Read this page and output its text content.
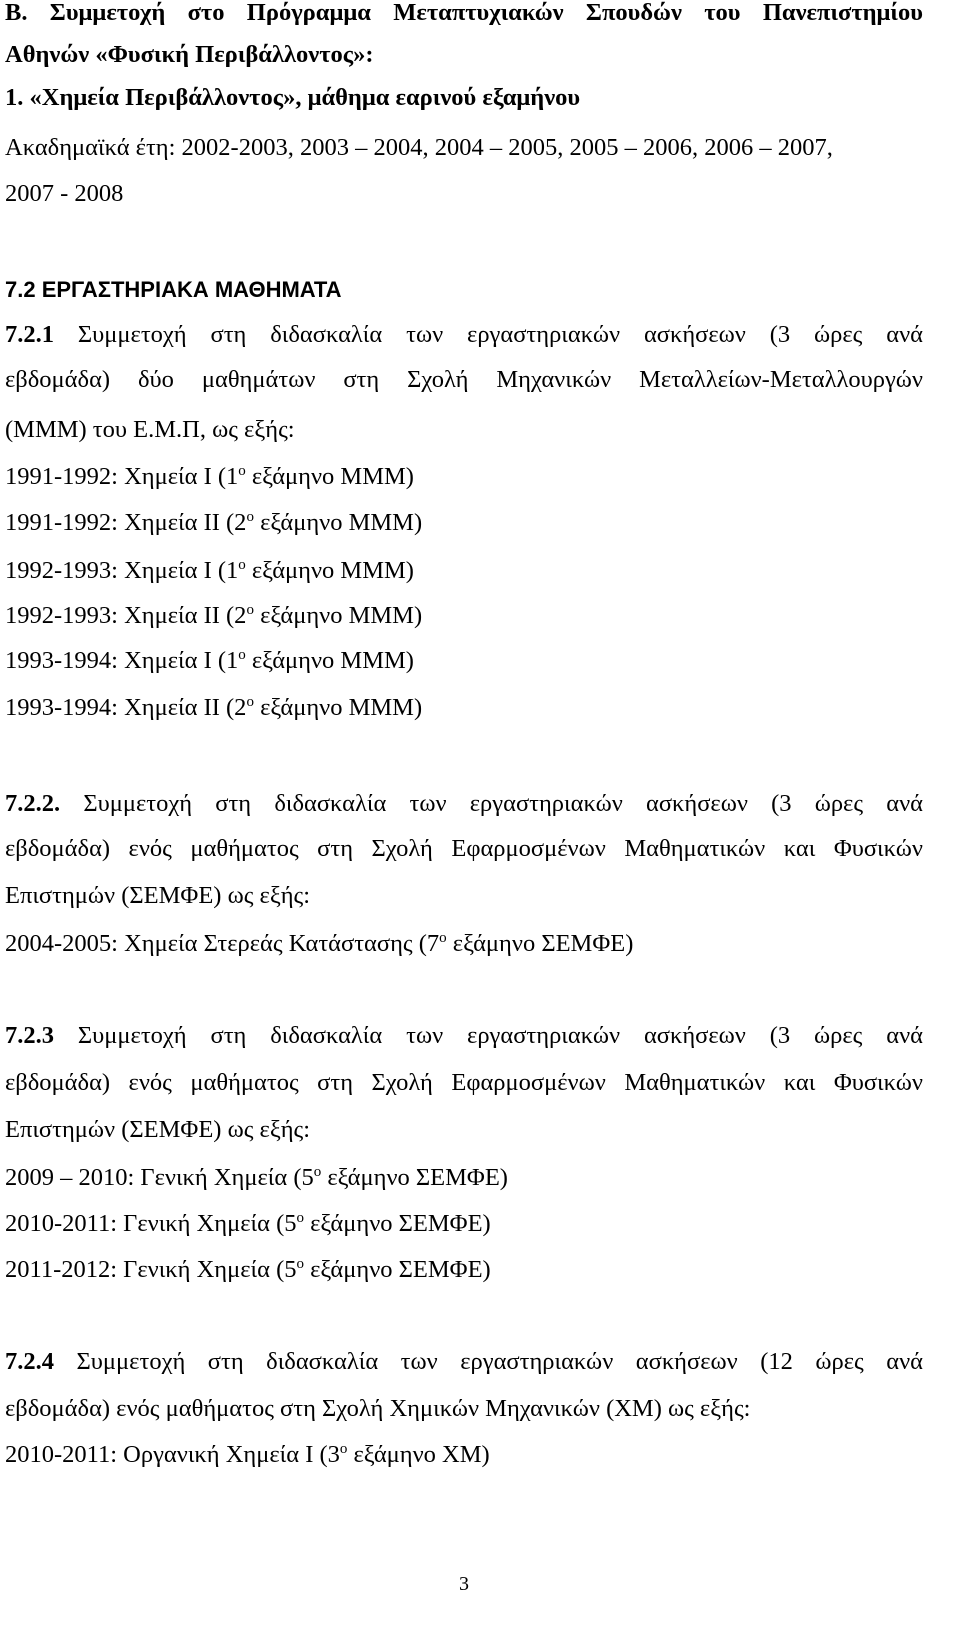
Β. Συμμετοχή στο Πρόγραμμα Μεταπτυχιακών Σπουδών του Πανεπιστημίου
Αθηνών «Φυσική Περιβάλλοντος»:
1. «Χημεία Περιβάλλοντος», μάθημα εαρινού εξαμήνου
Ακαδημαϊκά έτη: 2002-2003, 2003 – 2004, 2004 – 2005, 2005 – 2006, 2006 – 2007,
2007 - 2008
7.2 ΕΡΓΑΣΤΗΡΙΑΚΑ ΜΑΘΗΜΑΤΑ
7.2.1 Συμμετοχή στη διδασκαλία των εργαστηριακών ασκήσεων (3 ώρες ανά
εβδομάδα) δύο μαθημάτων στη Σχολή Μηχανικών Μεταλλείων-Μεταλλουργών
(ΜΜΜ) του Ε.Μ.Π, ως εξής:
1991-1992: Χημεία Ι ($1^o$ εξάμηνο ΜΜΜ)
1991-1992: Χημεία ΙΙ ($2^o$ εξάμηνο ΜΜΜ)
1992-1993: Χημεία Ι ($1^o$ εξάμηνο ΜΜΜ)
1992-1993: Χημεία ΙΙ ($2^o$ εξάμηνο ΜΜΜ)
1993-1994: Χημεία Ι ($1^o$ εξάμηνο ΜΜΜ)
1993-1994: Χημεία ΙΙ ($2^o$ εξάμηνο ΜΜΜ)
7.2.2. Συμμετοχή στη διδασκαλία των εργαστηριακών ασκήσεων (3 ώρες ανά
εβδομάδα) ενός μαθήματος στη Σχολή Εφαρμοσμένων Μαθηματικών και Φυσικών
Επιστημών (ΣΕΜΦΕ) ως εξής:
2004-2005: Χημεία Στερεάς Κατάστασης ($7^o$ εξάμηνο ΣΕΜΦΕ)
7.2.3 Συμμετοχή στη διδασκαλία των εργαστηριακών ασκήσεων (3 ώρες ανά
εβδομάδα) ενός μαθήματος στη Σχολή Εφαρμοσμένων Μαθηματικών και Φυσικών
Επιστημών (ΣΕΜΦΕ) ως εξής:
2009 – 2010: Γενική Χημεία ($5^o$ εξάμηνο ΣΕΜΦΕ)
2010-2011: Γενική Χημεία ($5^o$ εξάμηνο ΣΕΜΦΕ)
2011-2012: Γενική Χημεία ($5^o$ εξάμηνο ΣΕΜΦΕ)
7.2.4 Συμμετοχή στη διδασκαλία των εργαστηριακών ασκήσεων (12 ώρες ανά
εβδομάδα) ενός μαθήματος στη Σχολή Χημικών Μηχανικών (ΧΜ) ως εξής:
2010-2011: Οργανική Χημεία Ι ($3^o$ εξάμηνο ΧΜ)
3
